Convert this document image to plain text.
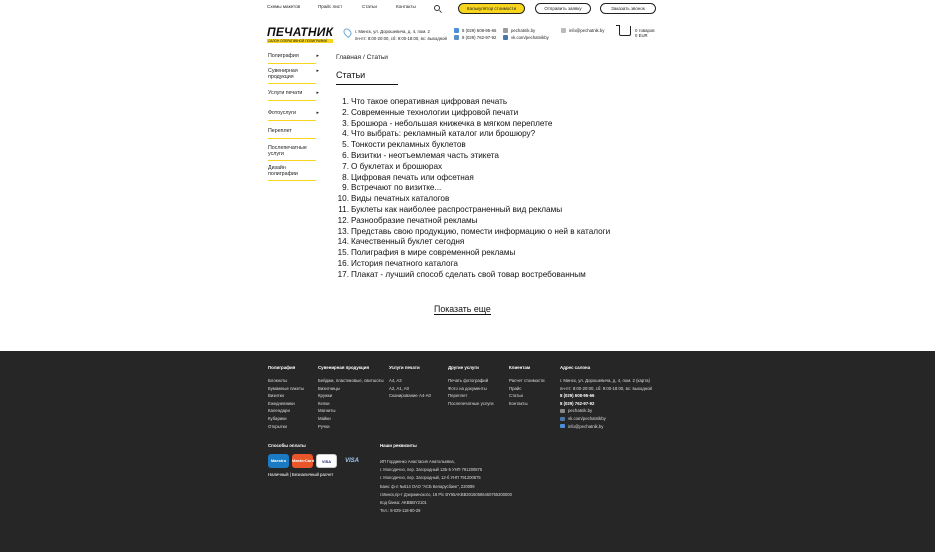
Схемы макетов	Прайс лист	Статьи	Контакты	Калькулятор стоимости	Отправить заявку	Заказать звонок
ПЕЧАТНИК
САЛОН ОПЕРАТИВНОЙ ПОЛИГРАФИИ
г. Минск, ул. Дорошевича, д. 4, пом. 2
пн-пт: 8:00-20:00, сб: 9:00-18:00, вс: выходной
8 (029) 608-95-66
8 (029) 762-97-92
pechatnik.by
vk.com/pechatnikby
info@pechatnik.by	0 товаров
0 EUR
Полиграфия	▸
Сувенирная продукция
▸
Услуги печати	▸
Фотоуслуги	▸
Переплет
Послепечатные услуги
Дизайн полиграфии
Главная / Статьи
Статьи
1. Что такое оперативная цифровая печать
2. Современные технологии цифровой печати
3. Брошюра - небольшая книжечка в мягком переплете
4. Что выбрать: рекламный каталог или брошюру?
5. Тонкости рекламных буклетов
6. Визитки - неотъемлемая часть этикета
7. О буклетах и брошюрах
8. Цифровая печать или офсетная
9. Встречают по визитке...
10. Виды печатных каталогов
11. Буклеты как наиболее распространенный вид рекламы
12. Разнообразие печатной рекламы
13. Представь свою продукцию, помести информацию о ней в каталоги
14. Качественный буклет сегодня
15. Полиграфия в мире современной рекламы
16. История печатного каталога
17. Плакат - лучший способ сделать свой товар востребованным
Показать еще
Полиграфия
Блокноты
Бумажные пакеты
Визитки
Ежедневники
Календари
Кубарики
Открытки
Сувенирная продукция
Бейджи, пластиковые, свитшоты
Визитницы
Кружки
Кепки
Магниты
Майки
Ручки
Услуги печати
A4, A3
A2, A1, A0
Сканирование A4-A0
Другие услуги
Печать фотографий
Фото на документы
Переплет
Послепечатные услуги
Клиентам
Расчет стоимости
Прайс
Статьи
Контакты
Адрес салона
г. Минск, ул. Дорошевича, д. 4, пом. 2 (карта)
пн-пт: 8:00-20:00, сб: 9:00-18:00, вс: выходной
8 (029) 608-95-66
8 (029) 762-97-92
pechatnik.by
vk.com/pechatnikby
info@pechatnik.by
Способы оплаты
Maestro	MasterCard	VISA	VISA
Наличный | Безналичный расчет
Наши реквизиты
ИП Гордиенко Анастасия Анатольевна,
г. Молодечно, пер. Загородный 12Б-5 УНП 791200875
г. Молодечно, пер. Загородный, 12-б УНП 791200875
Банк: ф-л №514 ОАО "АСБ Беларусбанк", 220089
г.Минск,пр-т Дзержинского, 18 Р/с BY65AKBB30150586460765300000
Код банка: AKBBBY2101
Тел.: 8-029-118-80-29
